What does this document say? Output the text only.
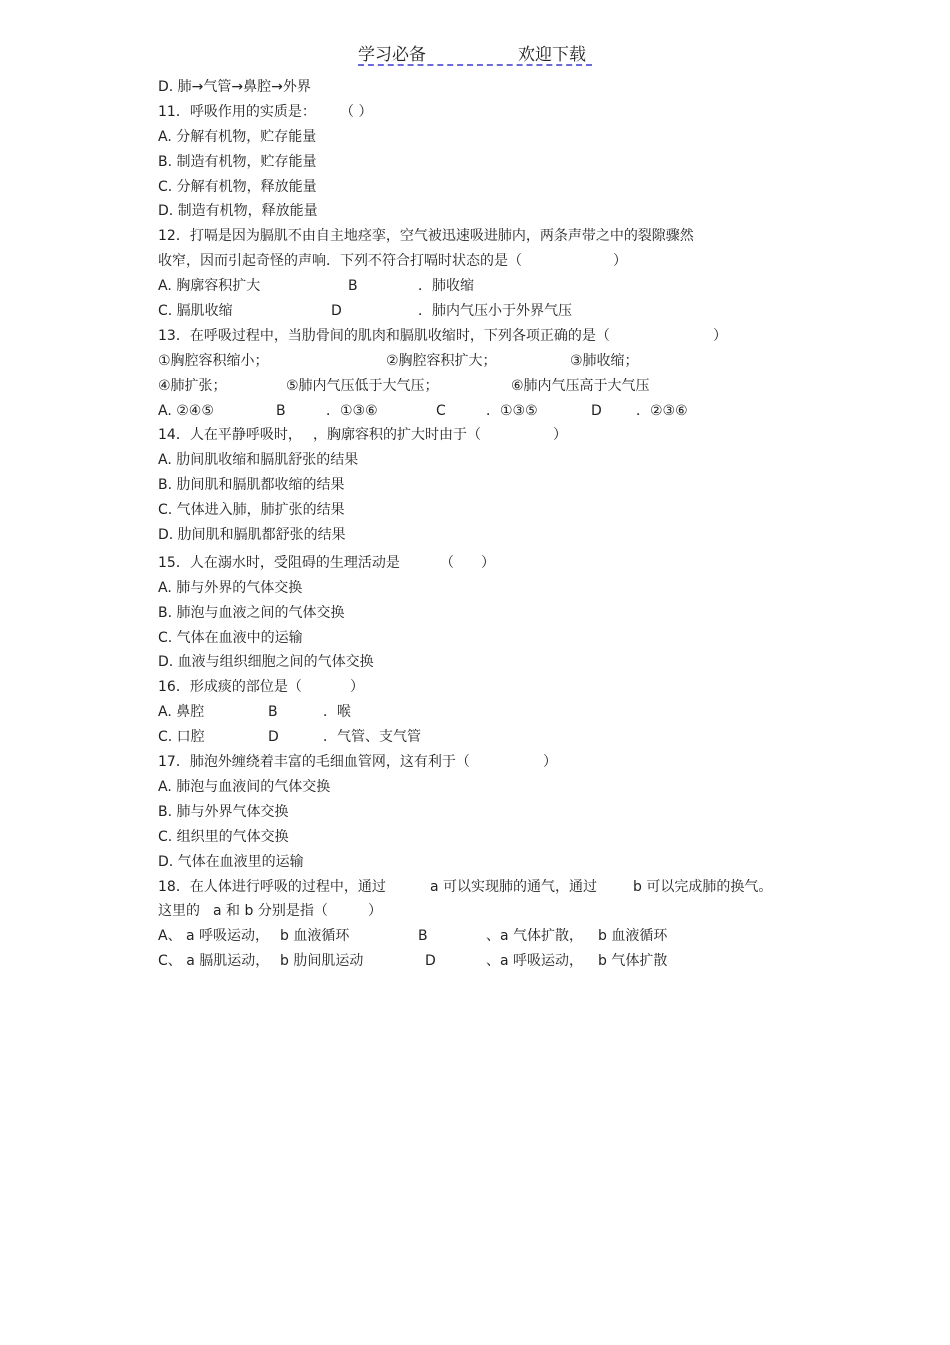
学习必备	欢迎下载
D. 肺→气管→鼻腔→外界
11．呼吸作用的实质是： （ ）
A. 分解有机物，贮存能量
B. 制造有机物，贮存能量
C. 分解有机物，释放能量
D. 制造有机物，释放能量
12．打嗝是因为膈肌不由自主地痉挛，空气被迅速吸进肺内，两条声带之中的裂隙骤然
收窄，因而引起奇怪的声响．下列不符合打嗝时状态的是（	）
A. 胸廓容积扩大	B	．肺收缩
C. 膈肌收缩	D	．肺内气压小于外界气压
13．在呼吸过程中，当肋骨间的肌肉和膈肌收缩时，下列各项正确的是（	）
①胸腔容积缩小；	②胸腔容积扩大；	③肺收缩；
④肺扩张；	⑤肺内气压低于大气压；	⑥肺内气压高于大气压
A. ②④⑤	B	．①③⑥	C	．①③⑤	D ．②③⑥
14．人在平静呼吸时， ，胸廓容积的扩大时由于（	）
A. 肋间肌收缩和膈肌舒张的结果
B. 肋间肌和膈肌都收缩的结果
C. 气体进入肺，肺扩张的结果
D. 肋间肌和膈肌都舒张的结果
15．人在溺水时，受阻碍的生理活动是	（ ）
A. 肺与外界的气体交换
B. 肺泡与血液之间的气体交换
C. 气体在血液中的运输
D. 血液与组织细胞之间的气体交换
16．形成痰的部位是（	）
A. 鼻腔	B	．喉
C. 口腔	D	．气管、支气管
17．肺泡外缠绕着丰富的毛细血管网，这有利于（	）
A. 肺泡与血液间的气体交换
B. 肺与外界气体交换
C. 组织里的气体交换
D. 气体在血液里的运输
18．在人体进行呼吸的过程中，通过	a 可以实现肺的通气，通过	b 可以完成肺的换气。
这里的 a 和 b 分别是指（	）
A、 a 呼吸运动， b 血液循环	B	、a 气体扩散， b 血液循环
C、 a 膈肌运动， b 肋间肌运动	D	、a 呼吸运动， b 气体扩散
